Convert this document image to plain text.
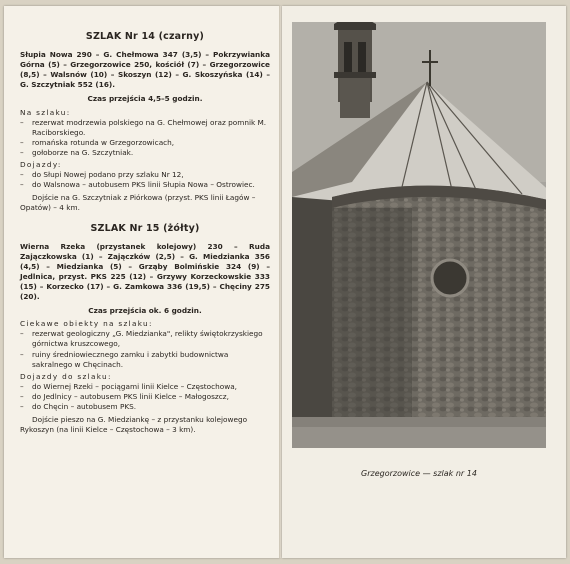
SZLAK Nr 14 (czarny)

Słupia Nowa 290 – G. Chełmowa 347 (3,5) – Pokrzywianka Górna (5) – Grzegorzowice 250, kościół (7) – Grzegorzowice (8,5) – Walsnów (10) – Skoszyn (12) – G. Skoszyńska (14) – G. Szczytniak 552 (16).

Czas przejścia 4,5–5 godzin.

Na szlaku:

– rezerwat modrzewia polskiego na G. Chełmowej oraz pomnik M. Raciborskiego.
– romańska rotunda w Grzegorzowicach,
– gołoborze na G. Szczytniak.

Dojazdy:

– do Słupi Nowej podano przy szlaku Nr 12,
– do Walsnowa – autobusem PKS linii Słupia Nowa – Ostrowiec.

Dojście na G. Szczytniak z Piórkowa (przyst. PKS linii Łagów – Opatów) – 4 km.

SZLAK Nr 15 (żółty)

Wierna Rzeka (przystanek kolejowy) 230 – Ruda Zajączkowska (1) – Zajączków (2,5) – G. Miedzianka 356 (4,5) – Miedzianka (5) – Grząby Bolmińskie 324 (9) – Jedlnica, przyst. PKS 225 (12) – Grzywy Korzeckowskie 333 (15) – Korzecko (17) – G. Zamkowa 336 (19,5) – Chęciny 275 (20).

Czas przejścia ok. 6 godzin.

Ciekawe obiekty na szlaku:

– rezerwat geologiczny „G. Miedzianka", relikty świętokrzyskiego górnictwa kruszcowego,
– ruiny średniowiecznego zamku i zabytki budownictwa sakralnego w Chęcinach.

Dojazdy do szlaku:

– do Wiernej Rzeki – pociągami linii Kielce – Częstochowa,
– do Jedlnicy – autobusem PKS linii Kielce – Małogoszcz,
– do Chęcin – autobusem PKS.

Dojście pieszo na G. Miedziankę – z przystanku kolejowego Rykoszyn (na linii Kielce – Częstochowa – 3 km).

Grzegorzowice — szlak nr 14
